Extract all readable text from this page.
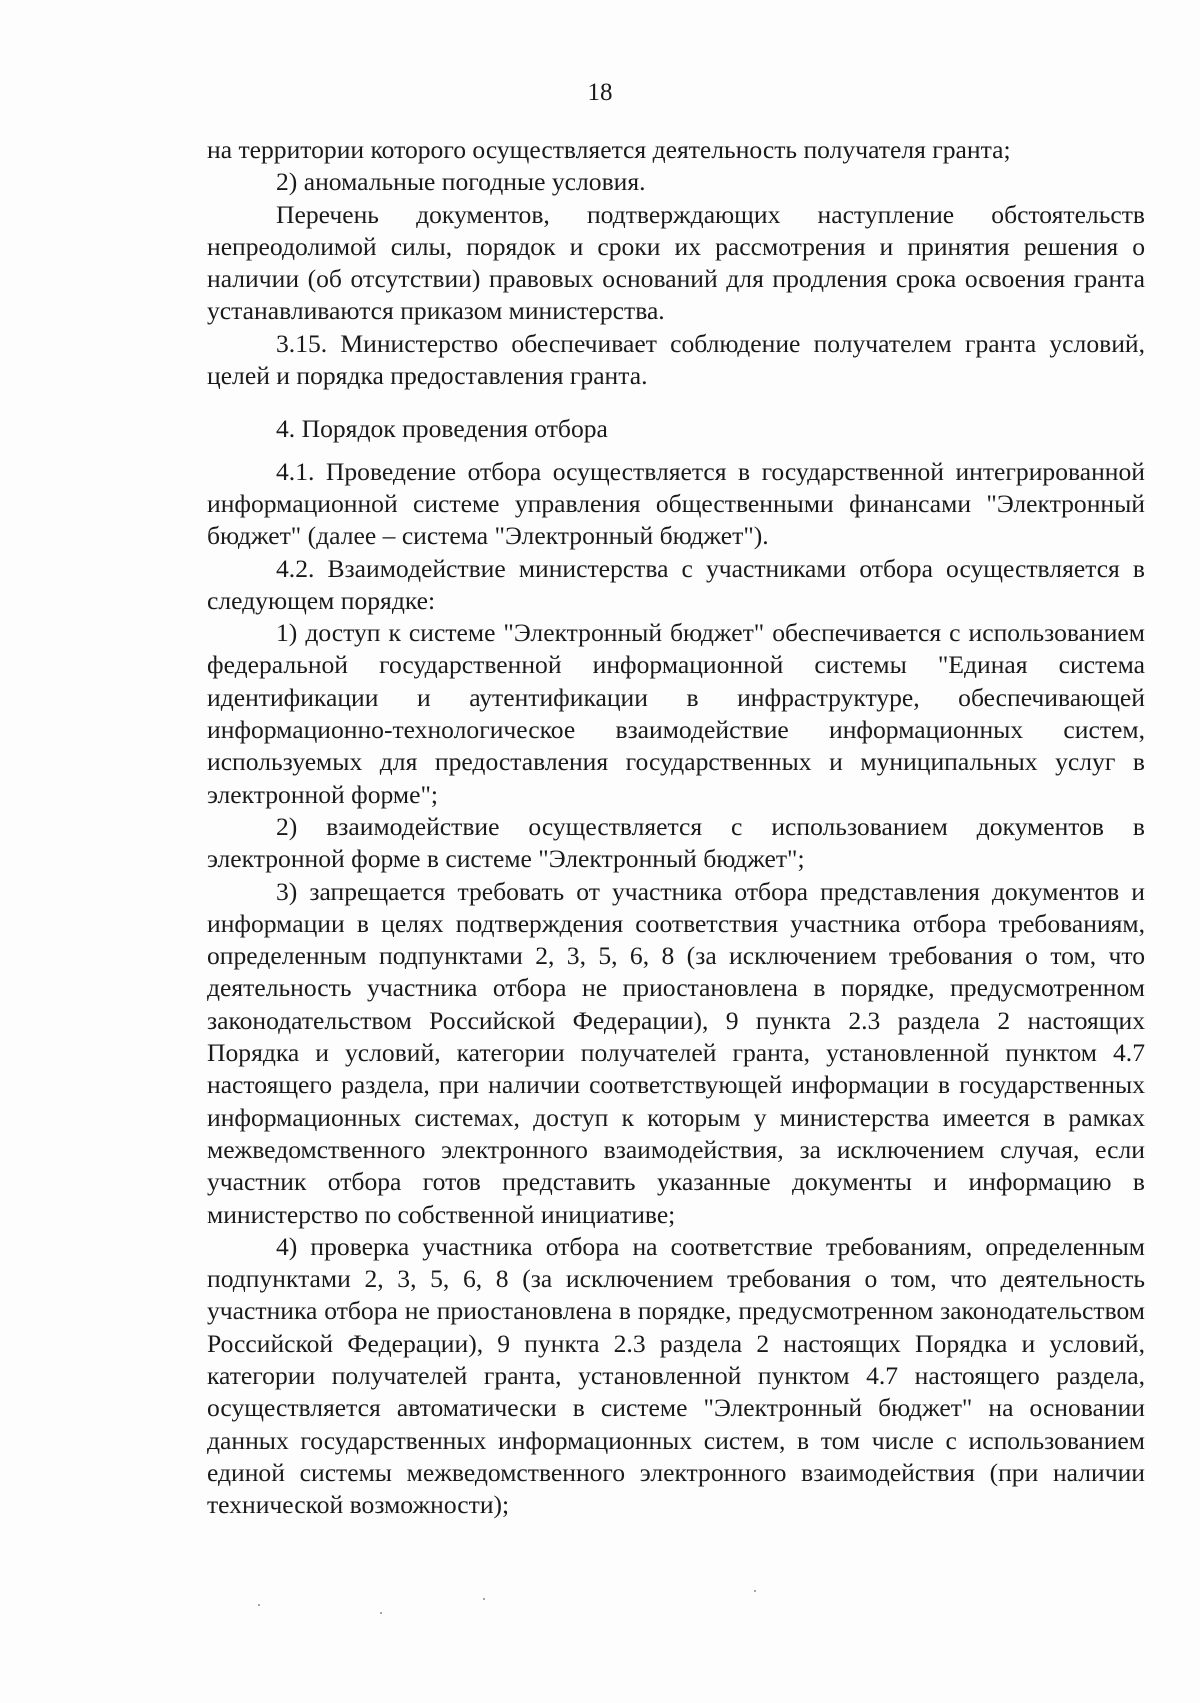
18

на территории которого осуществляется деятельность получателя гранта;

2) аномальные погодные условия.

Перечень документов, подтверждающих наступление обстоятельств непреодолимой силы, порядок и сроки их рассмотрения и принятия решения о наличии (об отсутствии) правовых оснований для продления срока освоения гранта устанавливаются приказом министерства.

3.15. Министерство обеспечивает соблюдение получателем гранта условий, целей и порядка предоставления гранта.

4. Порядок проведения отбора

4.1. Проведение отбора осуществляется в государственной интегрированной информационной системе управления общественными финансами "Электронный бюджет" (далее – система "Электронный бюджет").

4.2. Взаимодействие министерства с участниками отбора осуществляется в следующем порядке:

1) доступ к системе "Электронный бюджет" обеспечивается с использованием федеральной государственной информационной системы "Единая система идентификации и аутентификации в инфраструктуре, обеспечивающей информационно-технологическое взаимодействие информационных систем, используемых для предоставления государственных и муниципальных услуг в электронной форме";

2) взаимодействие осуществляется с использованием документов в электронной форме в системе "Электронный бюджет";

3) запрещается требовать от участника отбора представления документов и информации в целях подтверждения соответствия участника отбора требованиям, определенным подпунктами 2, 3, 5, 6, 8 (за исключением требования о том, что деятельность участника отбора не приостановлена в порядке, предусмотренном законодательством Российской Федерации), 9 пункта 2.3 раздела 2 настоящих Порядка и условий, категории получателей гранта, установленной пунктом 4.7 настоящего раздела, при наличии соответствующей информации в государственных информационных системах, доступ к которым у министерства имеется в рамках межведомственного электронного взаимодействия, за исключением случая, если участник отбора готов представить указанные документы и информацию в министерство по собственной инициативе;

4) проверка участника отбора на соответствие требованиям, определенным подпунктами 2, 3, 5, 6, 8 (за исключением требования о том, что деятельность участника отбора не приостановлена в порядке, предусмотренном законодательством Российской Федерации), 9 пункта 2.3 раздела 2 настоящих Порядка и условий, категории получателей гранта, установленной пунктом 4.7 настоящего раздела, осуществляется автоматически в системе "Электронный бюджет" на основании данных государственных информационных систем, в том числе с использованием единой системы межведомственного электронного взаимодействия (при наличии технической возможности);
